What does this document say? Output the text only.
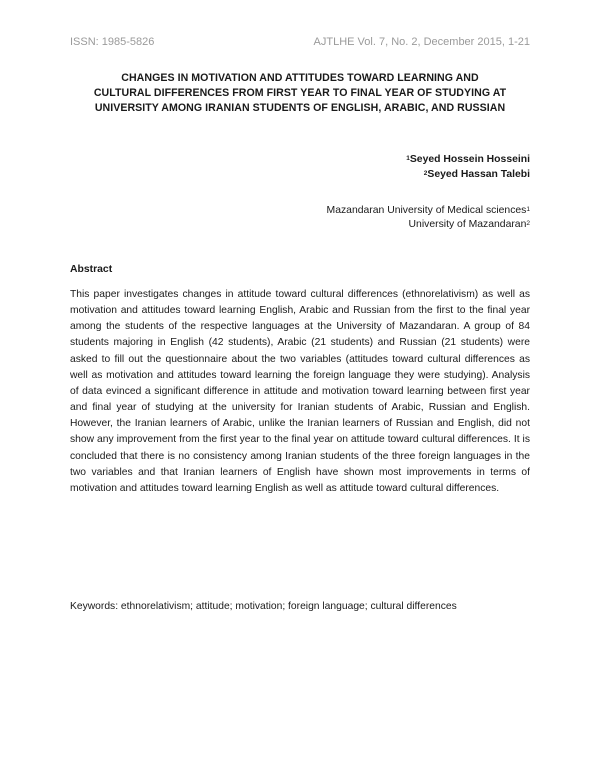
ISSN: 1985-5826	AJTLHE Vol. 7, No. 2, December 2015, 1-21
CHANGES IN MOTIVATION AND ATTITUDES TOWARD LEARNING AND
CULTURAL DIFFERENCES FROM FIRST YEAR TO FINAL YEAR OF STUDYING AT
UNIVERSITY AMONG IRANIAN STUDENTS OF ENGLISH, ARABIC, AND RUSSIAN
$^1$Seyed Hossein Hosseini
$^2$Seyed Hassan Talebi
Mazandaran University of Medical sciences$^1$
University of Mazandaran$^2$
Abstract

This paper investigates changes in attitude toward cultural differences (ethnorelativism) as well as motivation and attitudes toward learning English, Arabic and Russian from the first to the final year among the students of the respective languages at the University of Mazandaran. A group of 84 students majoring in English (42 students), Arabic (21 students) and Russian (21 students) were asked to fill out the questionnaire about the two variables (attitudes toward cultural differences as well as motivation and attitudes toward learning the foreign language they were studying). Analysis of data evinced a significant difference in attitude and motivation toward learning between first year and final year of studying at the university for Iranian students of Arabic, Russian and English. However, the Iranian learners of Arabic, unlike the Iranian learners of Russian and English, did not show any improvement from the first year to the final year on attitude toward cultural differences. It is concluded that there is no consistency among Iranian students of the three foreign languages in the two variables and that Iranian learners of English have shown most improvements in terms of motivation and attitudes toward learning English as well as attitude toward cultural differences.

Keywords: ethnorelativism; attitude; motivation; foreign language; cultural differences
